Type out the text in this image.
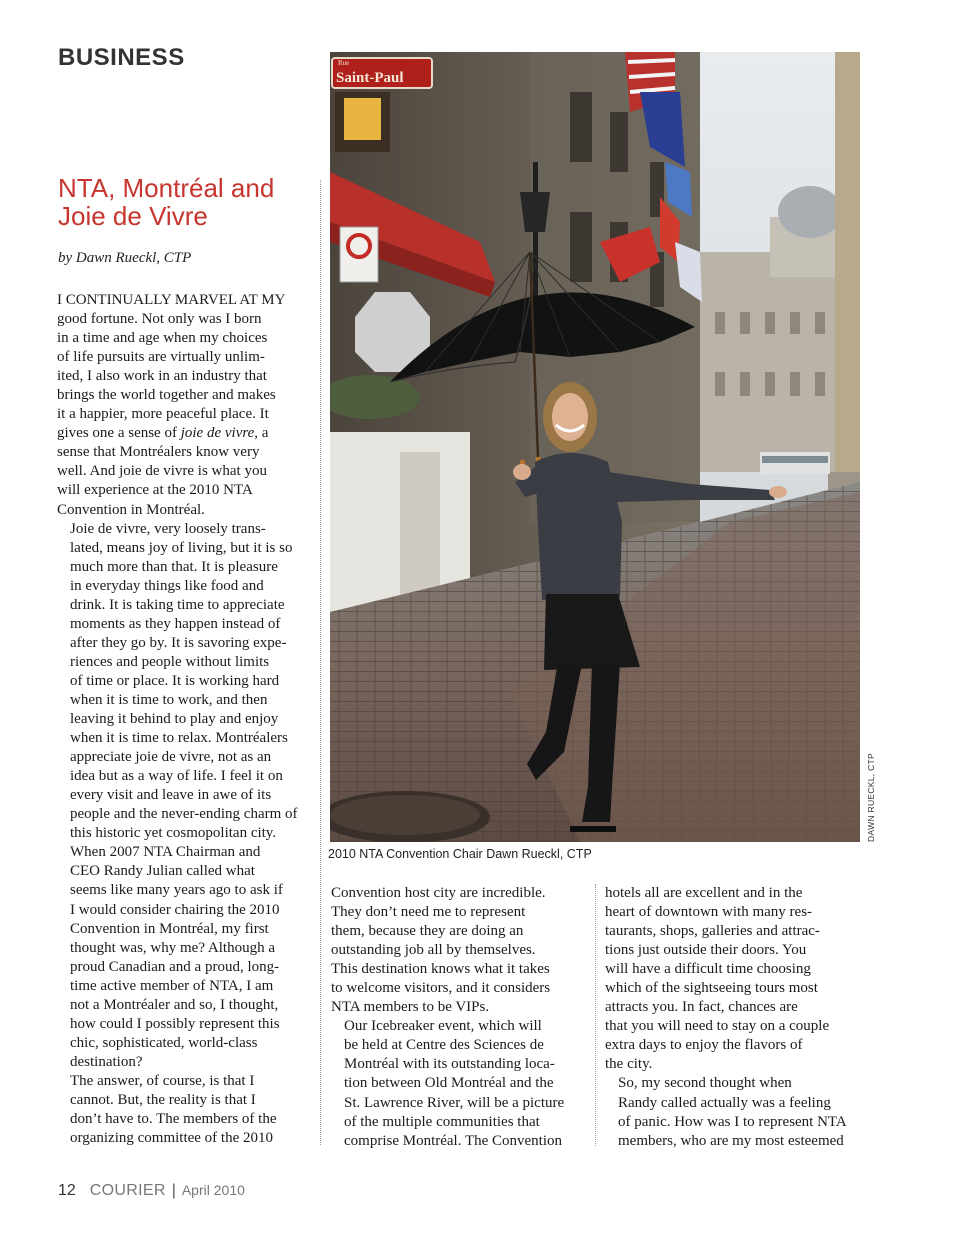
BUSINESS
NTA, Montréal and Joie de Vivre
by Dawn Rueckl, CTP

I CONTINUALLY MARVEL AT MY
good fortune. Not only was I born
in a time and age when my choices
of life pursuits are virtually unlim-
ited, I also work in an industry that
brings the world together and makes
it a happier, more peaceful place. It
gives one a sense of joie de vivre, a
sense that Montréalers know very
well. And joie de vivre is what you
will experience at the 2010 NTA
Convention in Montréal.

Joie de vivre, very loosely trans-
lated, means joy of living, but it is so
much more than that. It is pleasure
in everyday things like food and
drink. It is taking time to appreciate
moments as they happen instead of
after they go by. It is savoring expe-
riences and people without limits
of time or place. It is working hard
when it is time to work, and then
leaving it behind to play and enjoy
when it is time to relax. Montréalers
appreciate joie de vivre, not as an
idea but as a way of life. I feel it on
every visit and leave in awe of its
people and the never-ending charm of
this historic yet cosmopolitan city.

When 2007 NTA Chairman and
CEO Randy Julian called what
seems like many years ago to ask if
I would consider chairing the 2010
Convention in Montréal, my first
thought was, why me? Although a
proud Canadian and a proud, long-
time active member of NTA, I am
not a Montréaler and so, I thought,
how could I possibly represent this
chic, sophisticated, world-class
destination?

The answer, of course, is that I
cannot. But, the reality is that I
don’t have to. The members of the
organizing committee of the 2010

Convention host city are incredible.
They don’t need me to represent
them, because they are doing an
outstanding job all by themselves.
This destination knows what it takes
to welcome visitors, and it considers
NTA members to be VIPs.

Our Icebreaker event, which will
be held at Centre des Sciences de
Montréal with its outstanding loca-
tion between Old Montréal and the
St. Lawrence River, will be a picture
of the multiple communities that
comprise Montréal. The Convention

hotels all are excellent and in the
heart of downtown with many res-
taurants, shops, galleries and attrac-
tions just outside their doors. You
will have a difficult time choosing
which of the sightseeing tours most
attracts you. In fact, chances are
that you will need to stay on a couple
extra days to enjoy the flavors of
the city.

So, my second thought when
Randy called actually was a feeling
of panic. How was I to represent NTA
members, who are my most esteemed

Rue
Saint-Paul
2010 NTA Convention Chair Dawn Rueckl, CTP
DAWN RUECKL, CTP
12 COURIER | April 2010
